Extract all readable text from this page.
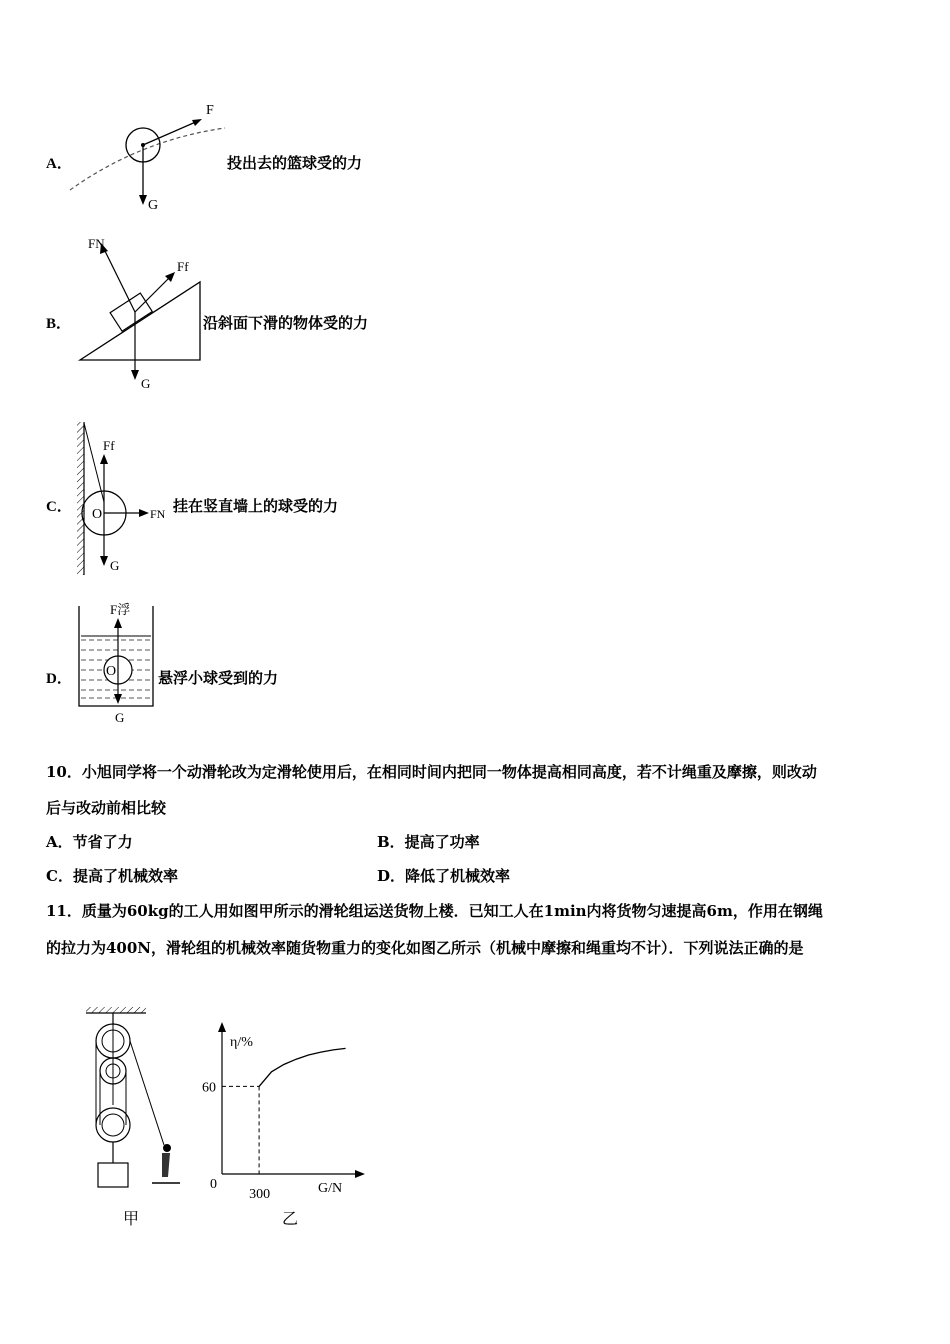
A．
F
G
投出去的篮球受的力
B．
FN
Ff
G
沿斜面下滑的物体受的力
C．
Ff
O	FN
G
挂在竖直墙上的球受的力
D．
F浮
O
G
悬浮小球受到的力
10．小旭同学将一个动滑轮改为定滑轮使用后，在相同时间内把同一物体提高相同高度，若不计绳重及摩擦，则改动
后与改动前相比较
A．节省了力	B．提高了功率
C．提高了机械效率	D．降低了机械效率
11．质量为60kg的工人用如图甲所示的滑轮组运送货物上楼．已知工人在1min内将货物匀速提高6m，作用在钢绳
的拉力为400N，滑轮组的机械效率随货物重力的变化如图乙所示（机械中摩擦和绳重均不计）．下列说法正确的是
甲
η/%
G/N
0
60
300
乙
